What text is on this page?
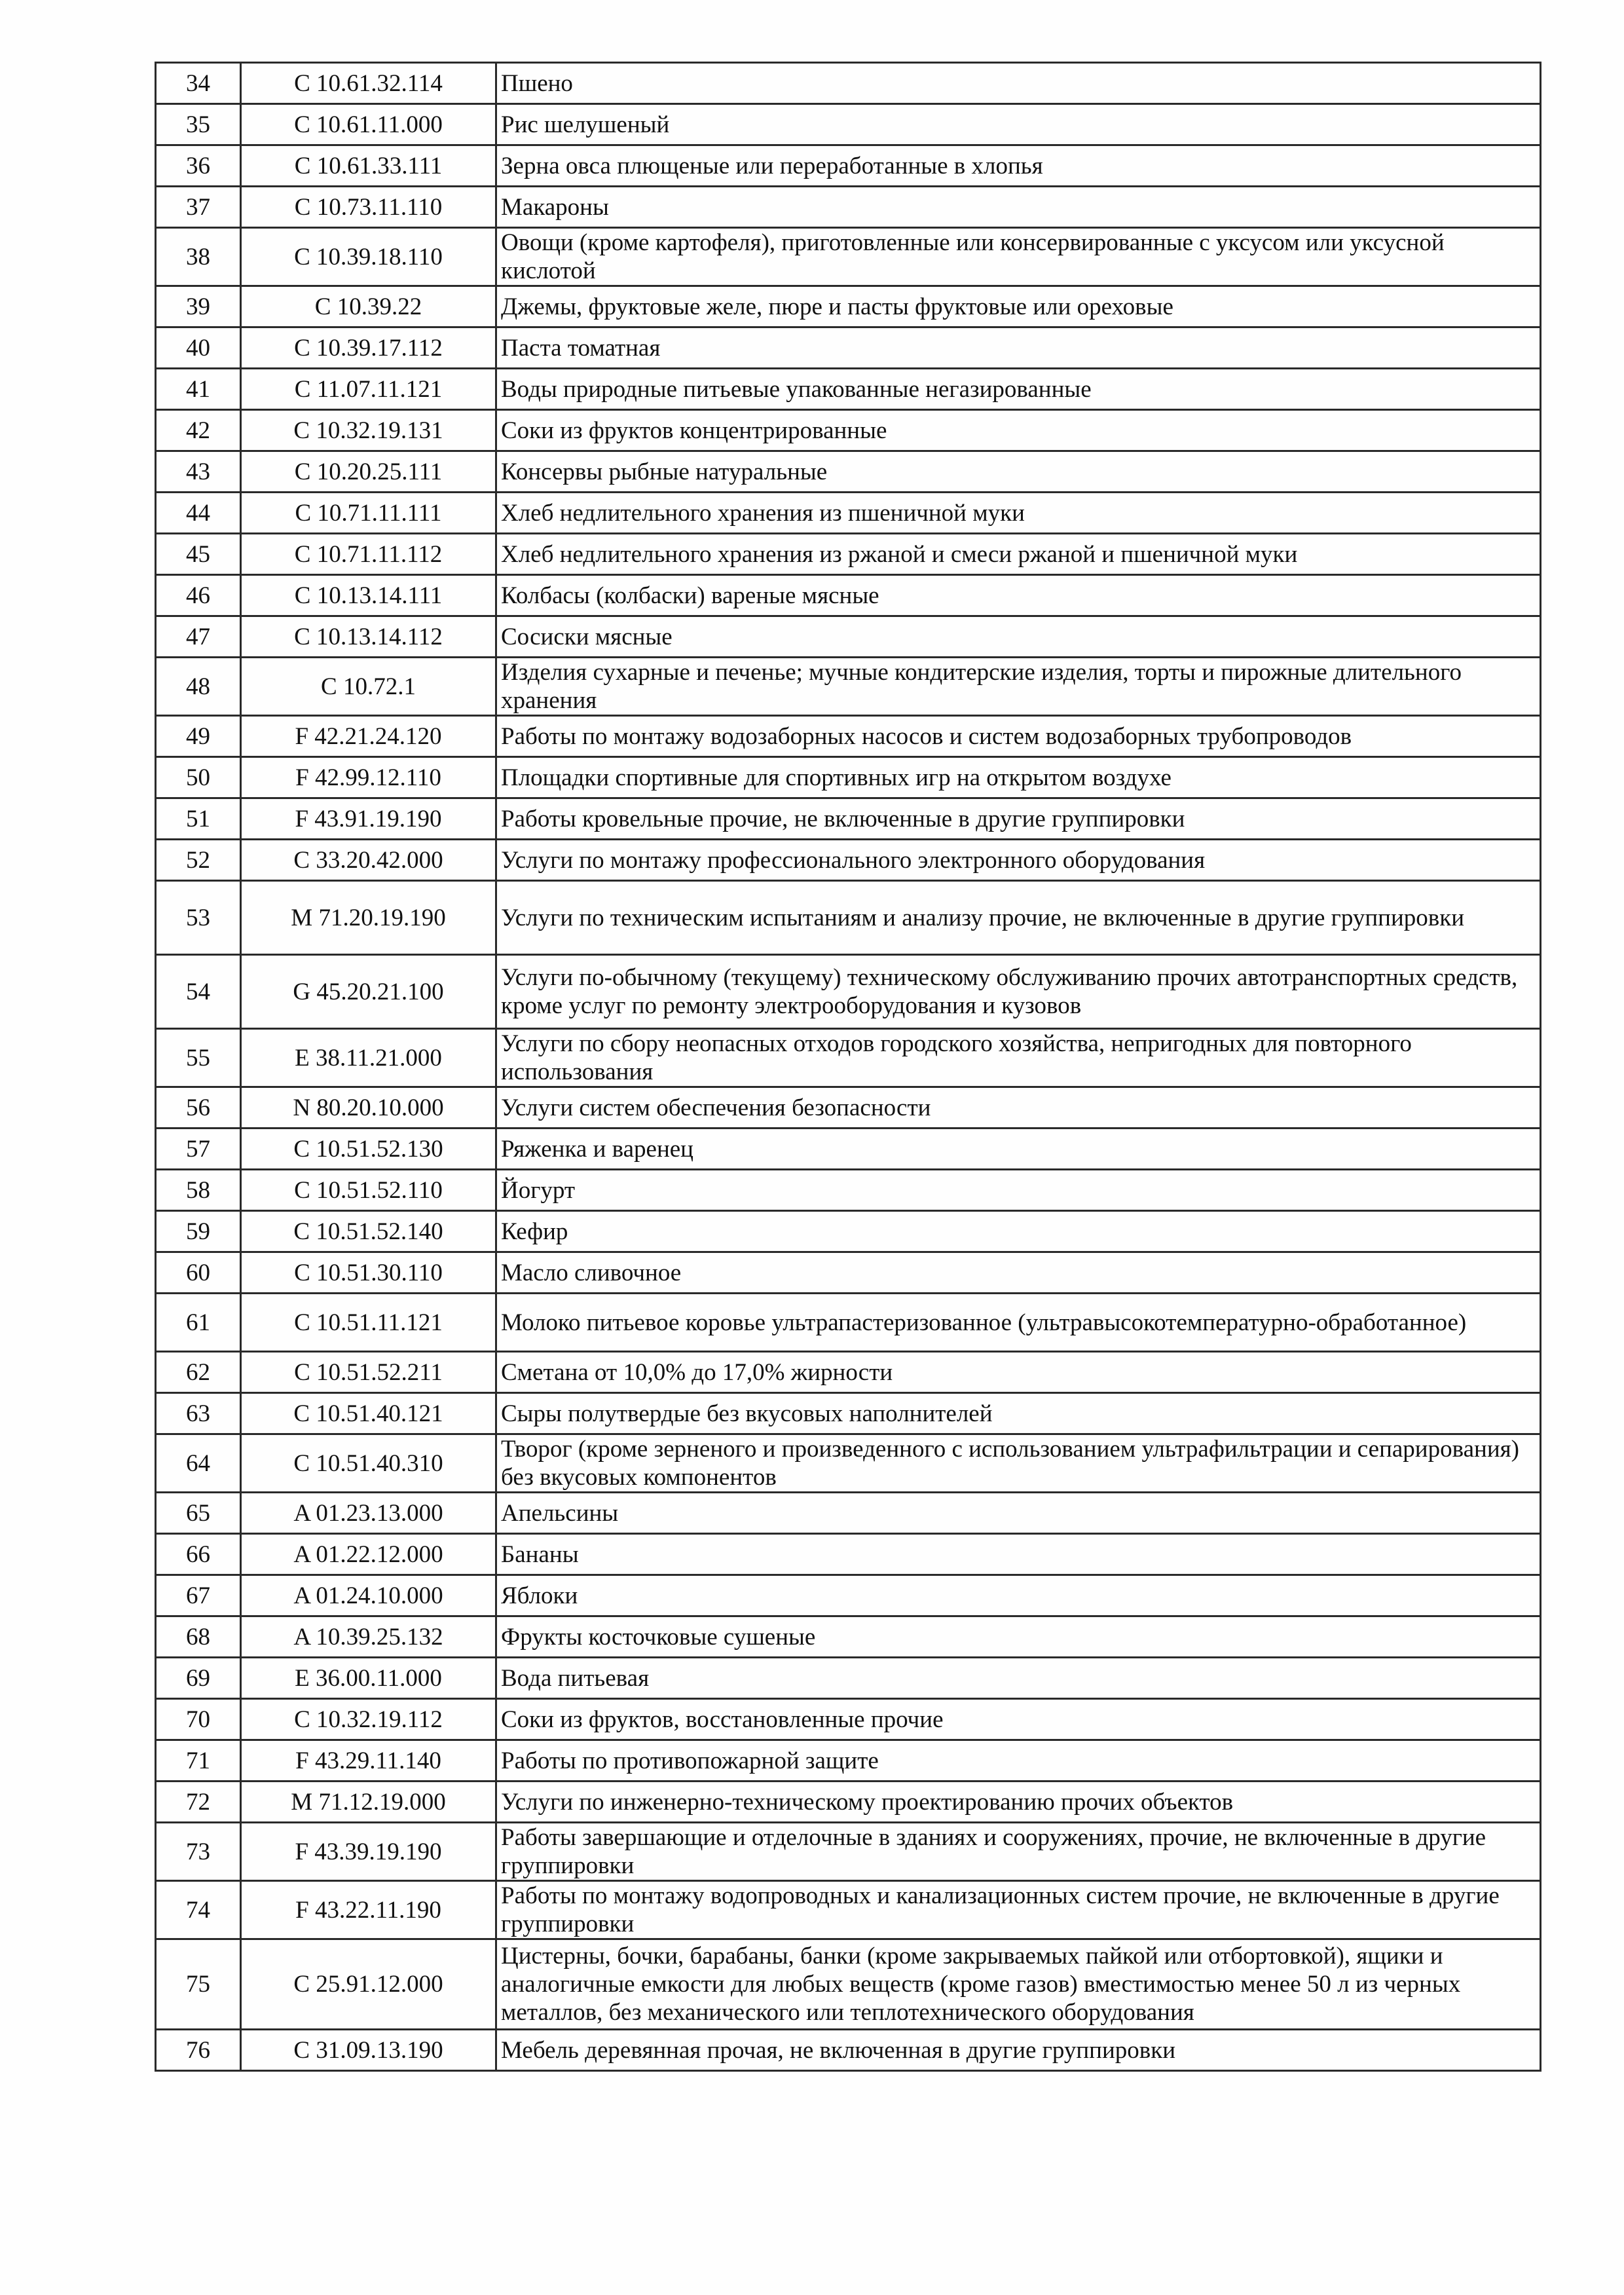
34	C 10.61.32.114	Пшено
35	C 10.61.11.000	Рис шелушеный
36	C 10.61.33.111	Зерна овса плющеные или переработанные в хлопья
37	C 10.73.11.110	Макароны
38	C 10.39.18.110	Овощи (кроме картофеля), приготовленные или консервированные с уксусом или уксусной кислотой
39	C 10.39.22	Джемы, фруктовые желе, пюре и пасты фруктовые или ореховые
40	C 10.39.17.112	Паста томатная
41	C 11.07.11.121	Воды природные питьевые упакованные негазированные
42	C 10.32.19.131	Соки из фруктов концентрированные
43	C 10.20.25.111	Консервы рыбные натуральные
44	C 10.71.11.111	Хлеб недлительного хранения из пшеничной муки
45	C 10.71.11.112	Хлеб недлительного хранения из ржаной и смеси ржаной и пшеничной муки
46	C 10.13.14.111	Колбасы (колбаски) вареные мясные
47	C 10.13.14.112	Сосиски мясные
48	C 10.72.1	Изделия сухарные и печенье; мучные кондитерские изделия, торты и пирожные длительного хранения
49	F 42.21.24.120	Работы по монтажу водозаборных насосов и систем водозаборных трубопроводов
50	F 42.99.12.110	Площадки спортивные для спортивных игр на открытом воздухе
51	F 43.91.19.190	Работы кровельные прочие, не включенные в другие группировки
52	C 33.20.42.000	Услуги по монтажу профессионального электронного оборудования
53	M 71.20.19.190	Услуги по техническим испытаниям и анализу прочие, не включенные в другие группировки
54	G 45.20.21.100	Услуги по-обычному (текущему) техническому обслуживанию прочих автотранспортных средств, кроме услуг по ремонту электрооборудования и кузовов
55	E 38.11.21.000	Услуги по сбору неопасных отходов городского хозяйства, непригодных для повторного использования
56	N 80.20.10.000	Услуги систем обеспечения безопасности
57	C 10.51.52.130	Ряженка и варенец
58	C 10.51.52.110	Йогурт
59	C 10.51.52.140	Кефир
60	C 10.51.30.110	Масло сливочное
61	C 10.51.11.121	Молоко питьевое коровье ультрапастеризованное (ультравысокотемпературно-обработанное)
62	C 10.51.52.211	Сметана от 10,0% до 17,0% жирности
63	C 10.51.40.121	Сыры полутвердые без вкусовых наполнителей
64	C 10.51.40.310	Творог (кроме зерненого и произведенного с использованием ультрафильтрации и сепарирования) без вкусовых компонентов
65	A 01.23.13.000	Апельсины
66	A 01.22.12.000	Бананы
67	A 01.24.10.000	Яблоки
68	A 10.39.25.132	Фрукты косточковые сушеные
69	E 36.00.11.000	Вода питьевая
70	C 10.32.19.112	Соки из фруктов, восстановленные прочие
71	F 43.29.11.140	Работы по противопожарной защите
72	M 71.12.19.000	Услуги по инженерно-техническому проектированию прочих объектов
73	F 43.39.19.190	Работы завершающие и отделочные в зданиях и сооружениях, прочие, не включенные в другие группировки
74	F 43.22.11.190	Работы по монтажу водопроводных и канализационных систем прочие, не включенные в другие группировки
75	C 25.91.12.000	Цистерны, бочки, барабаны, банки (кроме закрываемых пайкой или отбортовкой), ящики и аналогичные емкости для любых веществ (кроме газов) вместимостью менее 50 л из черных металлов, без механического или теплотехнического оборудования
76	C 31.09.13.190	Мебель деревянная прочая, не включенная в другие группировки
